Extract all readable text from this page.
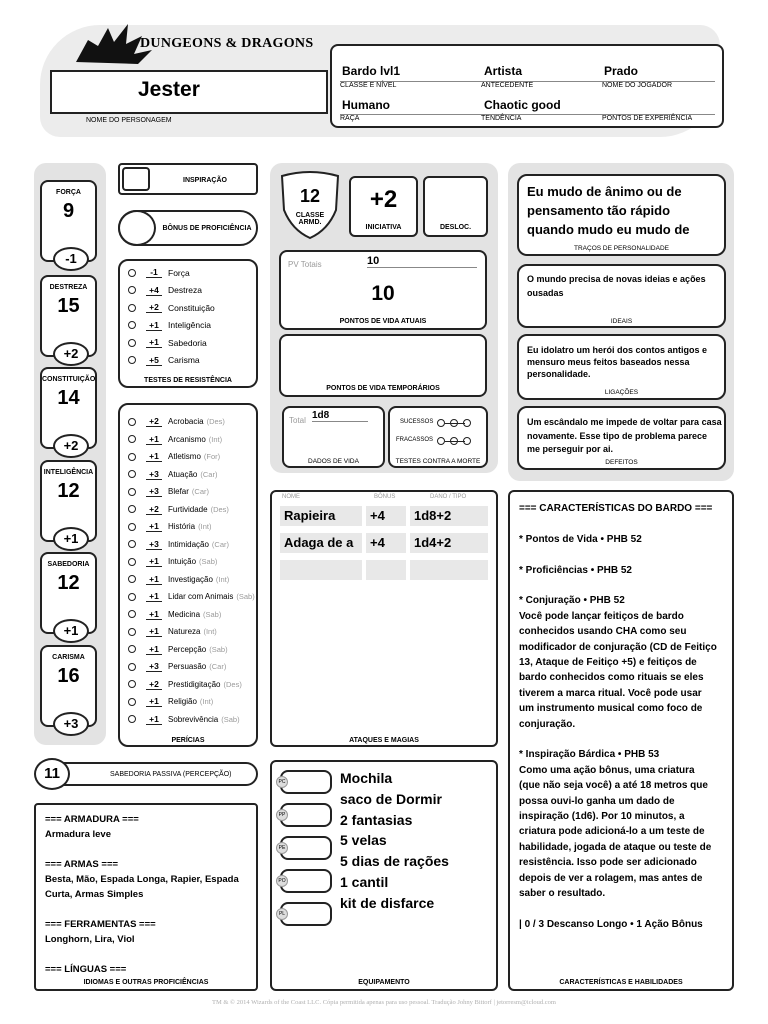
DUNGEONS & DRAGONS
Jester
NOME DO PERSONAGEM
Bardo lvl1
CLASSE E NÍVEL
Artista
ANTECEDENTE
Prado
NOME DO JOGADOR
Humano
RAÇA
Chaotic good
TENDÊNCIA	PONTOS DE EXPERIÊNCIA
FORÇA
9
-1
DESTREZA
15
+2
CONSTITUIÇÃO
14
+2
INTELIGÊNCIA
12
+1
SABEDORIA
12
+1
CARISMA
16
+3
INSPIRAÇÃO
BÔNUS DE PROFICIÊNCIA
-1	Força
+4	Destreza
+2	Constituição
+1	Inteligência
+1	Sabedoria
+5	Carisma
TESTES DE RESISTÊNCIA
+2	Acrobacia (Des)
+1	Arcanismo (Int)
+1	Atletismo (For)
+3	Atuação (Car)
+3	Blefar (Car)
+2	Furtividade (Des)
+1	História (Int)
+3	Intimidação (Car)
+1	Intuição (Sab)
+1	Investigação (Int)
+1	Lidar com Animais (Sab)
+1	Medicina (Sab)
+1	Natureza (Int)
+1	Percepção (Sab)
+3	Persuasão (Car)
+2	Prestidigitação (Des)
+1	Religião (Int)
+1	Sobrevivência (Sab)
PERÍCIAS
SABEDORIA PASSIVA (PERCEPÇÃO)
11
=== ARMADURA ===
Armadura leve
=== ARMAS ===
Besta, Mão, Espada Longa, Rapier, Espada Curta, Armas Simples
=== FERRAMENTAS ===
Longhorn, Lira, Viol
=== LÍNGUAS ===
IDIOMAS E OUTRAS PROFICIÊNCIAS
12
CLASSE ARMD.
+2
INICIATIVA	DESLOC.
PV Totais	10
10
PONTOS DE VIDA ATUAIS
PONTOS DE VIDA TEMPORÁRIOS
Total 1d8
DADOS DE VIDA
SUCESSOS
FRACASSOS
TESTES CONTRA A MORTE
NOME	BÔNUS	DANO / TIPO
Rapieira	+4	1d8+2
Adaga de a	+4	1d4+2
ATAQUES E MAGIAS
EQUIPAMENTO
PC
PP
PE
PO
PL
Mochila
saco de Dormir
2 fantasias
5 velas
5 dias de rações
1 cantil
kit de disfarce
Eu mudo de ânimo ou de pensamento tão rápido quando mudo eu mudo de
TRAÇOS DE PERSONALIDADE
O mundo precisa de novas ideias e ações ousadas
IDEAIS
Eu idolatro um herói dos contos antigos e mensuro meus feitos baseados nessa personalidade.
LIGAÇÕES
Um escândalo me impede de voltar para casa novamente. Esse tipo de problema parece me perseguir por ai.
DEFEITOS
=== CARACTERÍSTICAS DO BARDO ===
* Pontos de Vida • PHB 52
* Proficiências • PHB 52
* Conjuração • PHB 52
Você pode lançar feitiços de bardo
conhecidos usando CHA como seu
modificador de conjuração (CD de Feitiço
13, Ataque de Feitiço +5) e feitiços de
bardo conhecidos como rituais se eles
tiverem a marca ritual. Você pode usar
um instrumento musical como foco de
conjuração.
* Inspiração Bárdica • PHB 53
Como uma ação bônus, uma criatura
(que não seja você) a até 18 metros que
possa ouvi-lo ganha um dado de
inspiração (1d6). Por 10 minutos, a
criatura pode adicioná-lo a um teste de
habilidade, jogada de ataque ou teste de
resistência. Isso pode ser adicionado
depois de ver a rolagem, mas antes de
saber o resultado.
| 0 / 3 Descanso Longo • 1 Ação Bônus
CARACTERÍSTICAS E HABILIDADES
TM & © 2014 Wizards of the Coast LLC. Cópia permitida apenas para uso pessoal. Tradução Johny Bittorf | jetorresm@icloud.com
